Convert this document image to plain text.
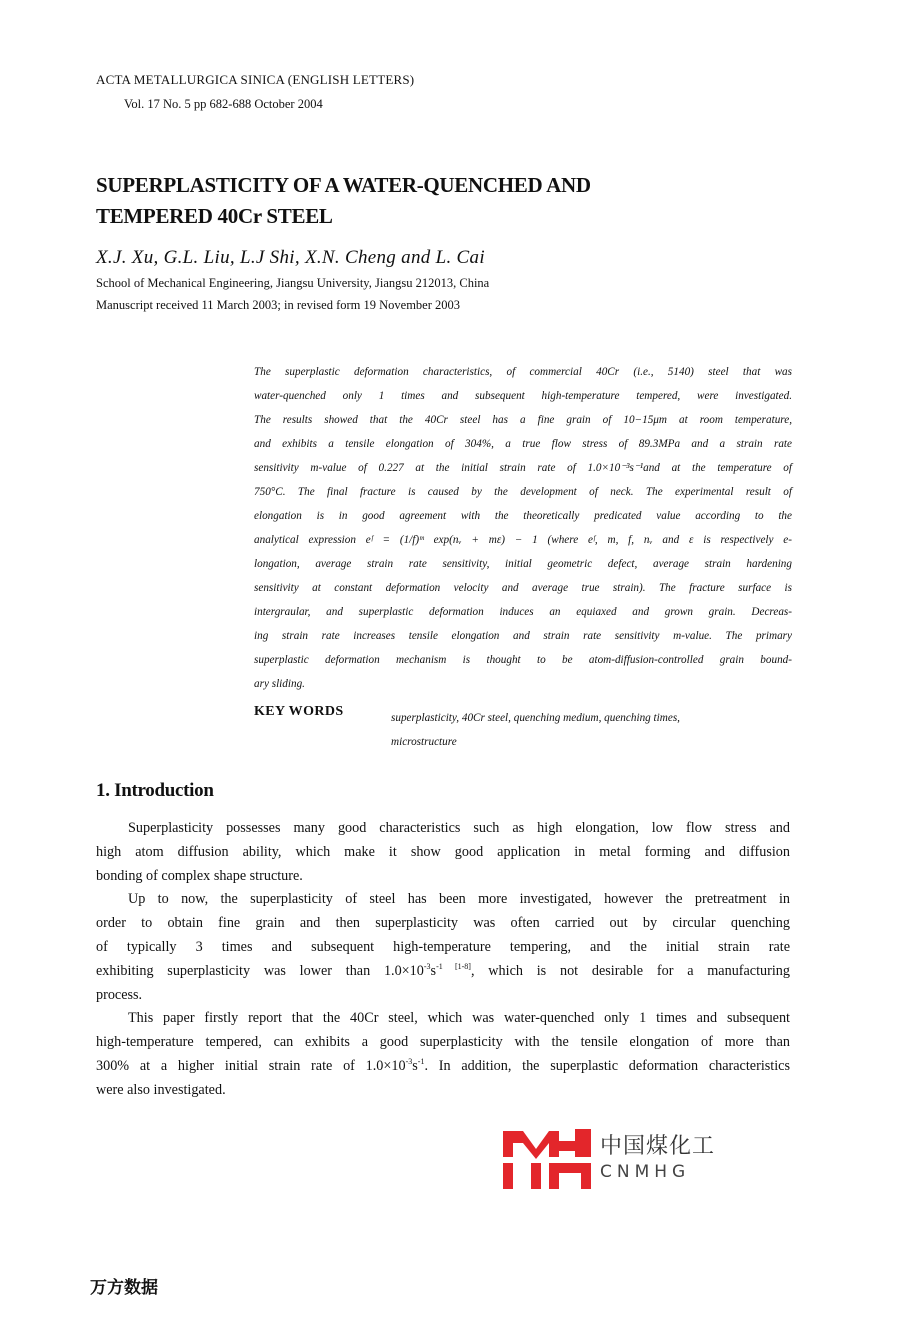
ACTA METALLURGICA SINICA (ENGLISH LETTERS)
Vol. 17 No. 5 pp 682-688 October 2004
SUPERPLASTICITY OF A WATER-QUENCHED AND
TEMPERED 40Cr STEEL
X.J. Xu, G.L. Liu, L.J Shi, X.N. Cheng and L. Cai
School of Mechanical Engineering, Jiangsu University, Jiangsu 212013, China
Manuscript received 11 March 2003; in revised form 19 November 2003
The superplastic deformation characteristics, of commercial 40Cr (i.e., 5140) steel that was
water-quenched only 1 times and subsequent high-temperature tempered, were investigated.
The results showed that the 40Cr steel has a fine grain of 10−15μm at room temperature,
and exhibits a tensile elongation of 304%, a true flow stress of 89.3MPa and a strain rate
sensitivity m-value of 0.227 at the initial strain rate of 1.0×10⁻³s⁻¹and at the temperature of
750°C. The final fracture is caused by the development of neck. The experimental result of
elongation is in good agreement with the theoretically predicated value according to the
analytical expression eᶠ = (1/f)ᵐ exp(nᵥ + mε) − 1 (where eᶠ, m, f, nᵥ and ε is respectively e-
longation, average strain rate sensitivity, initial geometric defect, average strain hardening
sensitivity at constant deformation velocity and average true strain). The fracture surface is
intergraular, and superplastic deformation induces an equiaxed and grown grain. Decreas-
ing strain rate increases tensile elongation and strain rate sensitivity m-value. The primary
superplastic deformation mechanism is thought to be atom-diffusion-controlled grain bound-
ary sliding.
KEY WORDS	superplasticity, 40Cr steel, quenching medium, quenching times,
microstructure
1. Introduction
Superplasticity possesses many good characteristics such as high elongation, low flow stress and
high atom diffusion ability, which make it show good application in metal forming and diffusion
bonding of complex shape structure.
Up to now, the superplasticity of steel has been more investigated, however the pretreatment in
order to obtain fine grain and then superplasticity was often carried out by circular quenching
of typically 3 times and subsequent high-temperature tempering, and the initial strain rate
exhibiting superplasticity was lower than $1.0\times 10^{-3}s^{-1 [1-8]}$, which is not desirable for a manufacturing
process.
This paper firstly report that the 40Cr steel, which was water-quenched only 1 times and subsequent
high-temperature tempered, can exhibits a good superplasticity with the tensile elongation of more than
300% at a higher initial strain rate of $1.0\times 10^{-3}s^{-1}$. In addition, the superplastic deformation characteristics
were also investigated.
中国煤化工
CNMHG
万方数据
